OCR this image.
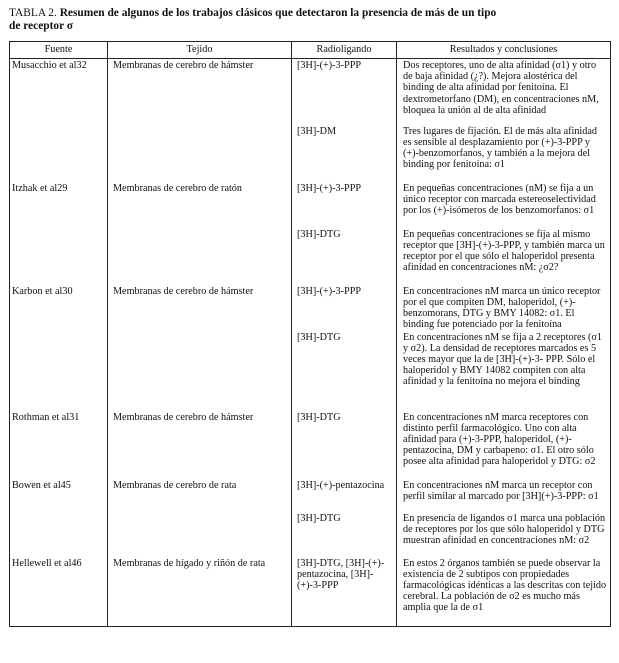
TABLA 2. Resumen de algunos de los trabajos clásicos que detectaron la presencia de más de un tipo
de receptor σ
Fuente	Tejido	Radioligando	Resultados y conclusiones
Musacchio et al32	Membranas de cerebro de hámster	[3H]-(+)-3-PPP	Dos receptores, uno de alta afinidad (σ1) y otro de baja afinidad (¿?). Mejora alostérica del binding de alta afinidad por fenitoína. El dextrometorfano (DM), en concentraciones nM, bloquea la unión al de alta afinidad
		[3H]-DM	Tres lugares de fijación. El de más alta afinidad es sensible al desplazamiento por (+)-3-PPP y (+)-benzomorfanos, y también a la mejora del binding por fenitoína: σ1
Itzhak et al29	Membranas de cerebro de ratón	[3H]-(+)-3-PPP	En pequeñas concentraciones (nM) se fija a un único receptor con marcada estereoselectividad por los (+)-isómeros de los benzomorfanos: σ1
		[3H]-DTG	En pequeñas concentraciones se fija al mismo receptor que [3H]-(+)-3-PPP, y también marca un receptor por el que sólo el haloperidol presenta afinidad en concentraciones nM: ¿σ2?
Karbon et al30	Membranas de cerebro de hámster	[3H]-(+)-3-PPP	En concentraciones nM marca un único receptor por el que compiten DM, haloperidol, (+)-benzomorans, DTG y BMY 14082: σ1. El binding fue potenciado por la fenitoína
		[3H]-DTG	En concentraciones nM se fija a 2 receptores (σ1 y σ2). La densidad de receptores marcados es 5 veces mayor que la de [3H]-(+)-3- PPP. Sólo el haloperidol y BMY 14082 compiten con alta afinidad y la fenitoína no mejora el binding
Rothman et al31	Membranas de cerebro de hámster	[3H]-DTG	En concentraciones nM marca receptores con distinto perfil farmacológico. Uno con alta afinidad para (+)-3-PPP, haloperidol, (+)-pentazocina, DM y carbapeno: σ1. El otro sólo posee alta afinidad para haloperidol y DTG: σ2
Bowen et al45	Membranas de cerebro de rata	[3H]-(+)-pentazocina	En concentraciones nM marca un receptor con perfil similar al marcado por [3H](+)-3-PPP: σ1
		[3H]-DTG	En presencia de ligandos σ1 marca una población de receptores por los que sólo haloperidol y DTG muestran afinidad en concentraciones nM: σ2
Hellewell et al46	Membranas de hígado y riñón de rata	[3H]-DTG, [3H]-(+)-pentazocina, [3H]-(+)-3-PPP	En estos 2 órganos también se puede observar la existencia de 2 subtipos con propiedades farmacológicas idénticas a las descritas con tejido cerebral. La población de σ2 es mucho más amplia que la de σ1
